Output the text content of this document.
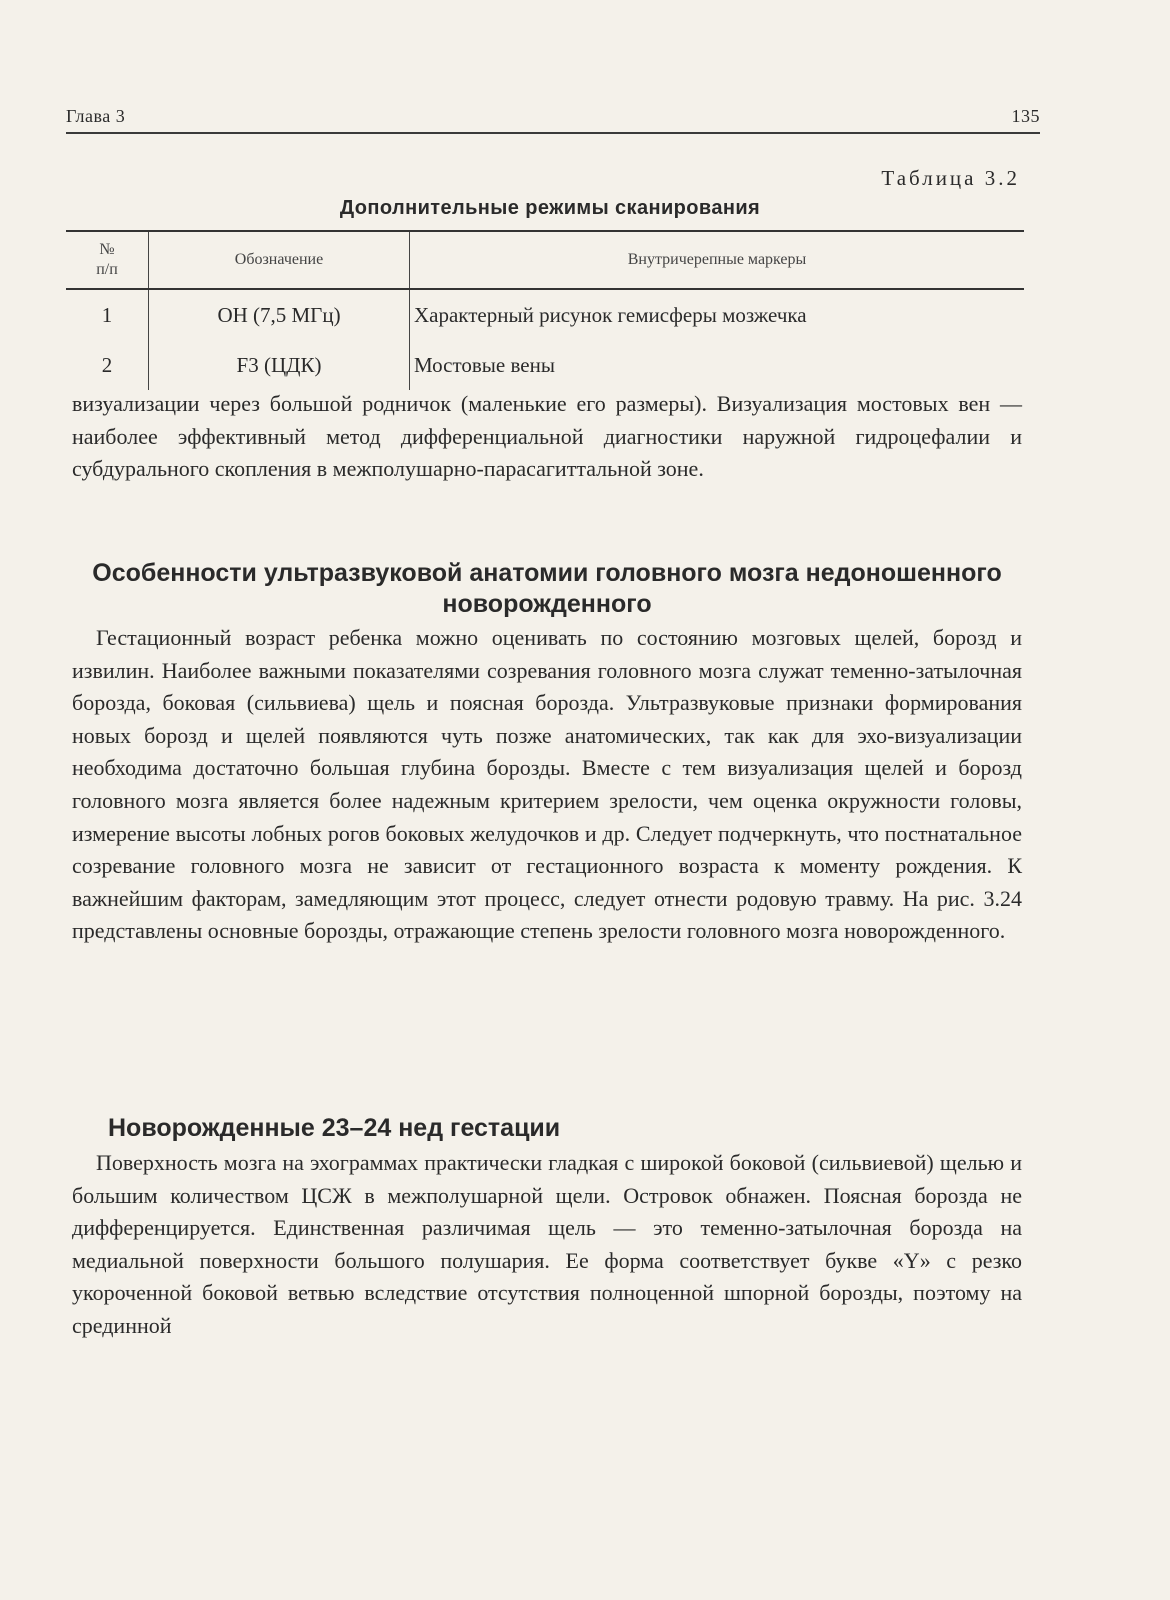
Глава 3	135
Таблица 3.2
Дополнительные режимы сканирования
№
п/п	Обозначение	Внутричерепные маркеры
1	ОН (7,5 МГц)	Характерный рисунок гемисферы мозжечка
2	F3 (ЦДК)	Мостовые вены
визуализации через большой родничок (маленькие его размеры). Визуализация мостовых вен — наиболее эффективный метод дифференциальной диагностики наружной гидроцефалии и субдурального скопления в межполушарно-парасагиттальной зоне.
Особенности ультразвуковой анатомии головного мозга недоношенного новорожденного
Гестационный возраст ребенка можно оценивать по состоянию мозговых щелей, борозд и извилин. Наиболее важными показателями созревания головного мозга служат теменно-затылочная борозда, боковая (сильвиева) щель и поясная борозда. Ультразвуковые признаки формирования новых борозд и щелей появляются чуть позже анатомических, так как для эхо-визуализации необходима достаточно большая глубина борозды. Вместе с тем визуализация щелей и борозд головного мозга является более надежным критерием зрелости, чем оценка окружности головы, измерение высоты лобных рогов боковых желудочков и др. Следует подчеркнуть, что постнатальное созревание головного мозга не зависит от гестационного возраста к моменту рождения. К важнейшим факторам, замедляющим этот процесс, следует отнести родовую травму. На рис. 3.24 представлены основные борозды, отражающие степень зрелости головного мозга новорожденного.
Новорожденные 23–24 нед гестации
Поверхность мозга на эхограммах практически гладкая с широкой боковой (сильвиевой) щелью и большим количеством ЦСЖ в межполушарной щели. Островок обнажен. Поясная борозда не дифференцируется. Единственная различимая щель — это теменно-затылочная борозда на медиальной поверхности большого полушария. Ее форма соответствует букве «Y» с резко укороченной боковой ветвью вследствие отсутствия полноценной шпорной борозды, поэтому на срединной
